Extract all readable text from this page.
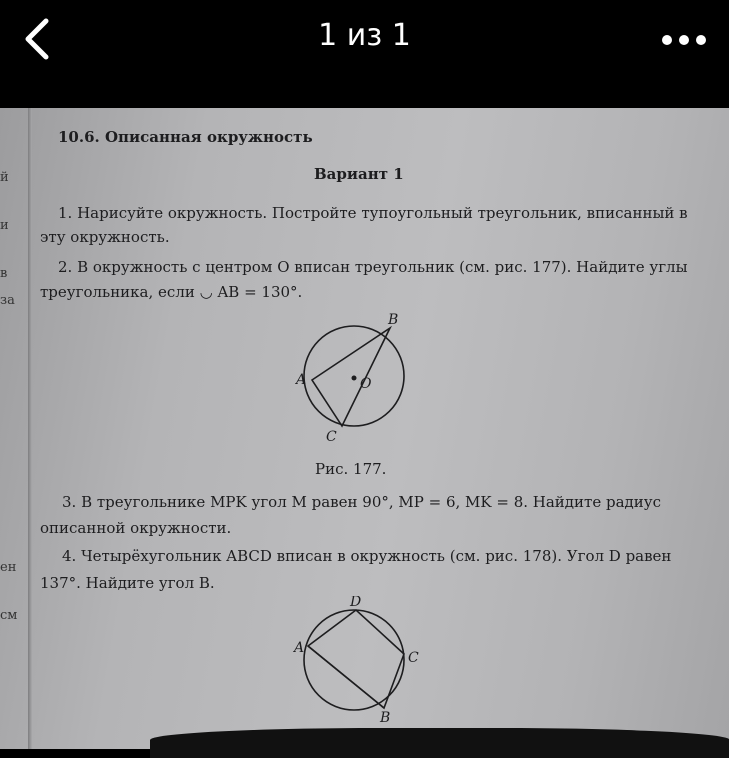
1 из 1
й
и
в
за
ен
см
10.6. Описанная окружность
Вариант 1
1. Нарисуйте окружность. Постройте тупоугольный треугольник, вписанный в
эту окружность.
2. В окружность с центром O вписан треугольник (см. рис. 177). Найдите углы
треугольника, если ◡ AB = 130°.
B
A	O
C
Рис. 177.
3. В треугольнике MPK угол M равен 90°, MP = 6, MK = 8. Найдите радиус
описанной окружности.
4. Четырёхугольник ABCD вписан в окружность (см. рис. 178). Угол D равен
137°. Найдите угол B.
D
A
C
B
